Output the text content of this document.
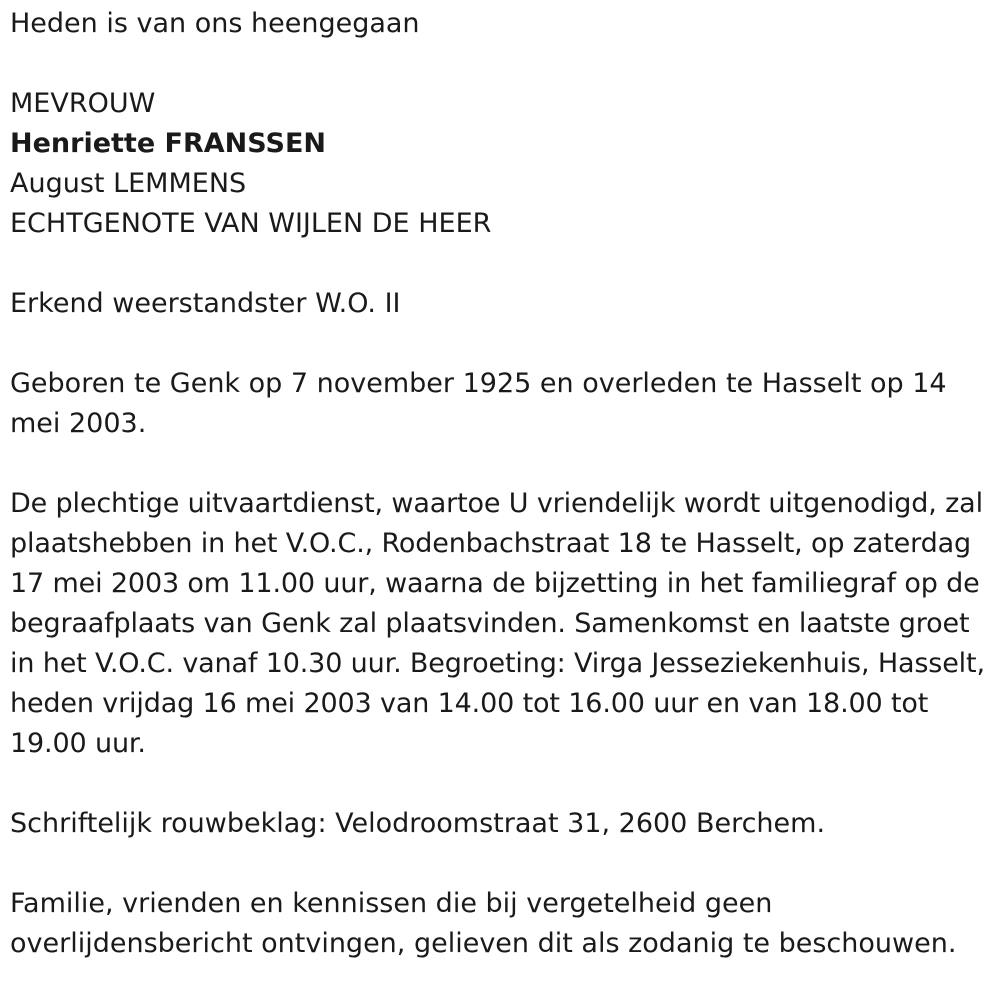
Heden is van ons heengegaan

MEVROUW

Henriette FRANSSEN

August LEMMENS

ECHTGENOTE VAN WIJLEN DE HEER

Erkend weerstandster W.O. II

Geboren te Genk op 7 november 1925 en overleden te Hasselt op 14 mei 2003.

De plechtige uitvaartdienst, waartoe U vriendelijk wordt uitgenodigd, zal plaatshebben in het V.O.C., Rodenbachstraat 18 te Hasselt, op zaterdag 17 mei 2003 om 11.00 uur, waarna de bijzetting in het familiegraf op de begraafplaats van Genk zal plaatsvinden. Samenkomst en laatste groet in het V.O.C. vanaf 10.30 uur. Begroeting: Virga Jesseziekenhuis, Hasselt, heden vrijdag 16 mei 2003 van 14.00 tot 16.00 uur en van 18.00 tot 19.00 uur.

Schriftelijk rouwbeklag: Velodroomstraat 31, 2600 Berchem.

Familie, vrienden en kennissen die bij vergetelheid geen overlijdensbericht ontvingen, gelieven dit als zodanig te beschouwen.
